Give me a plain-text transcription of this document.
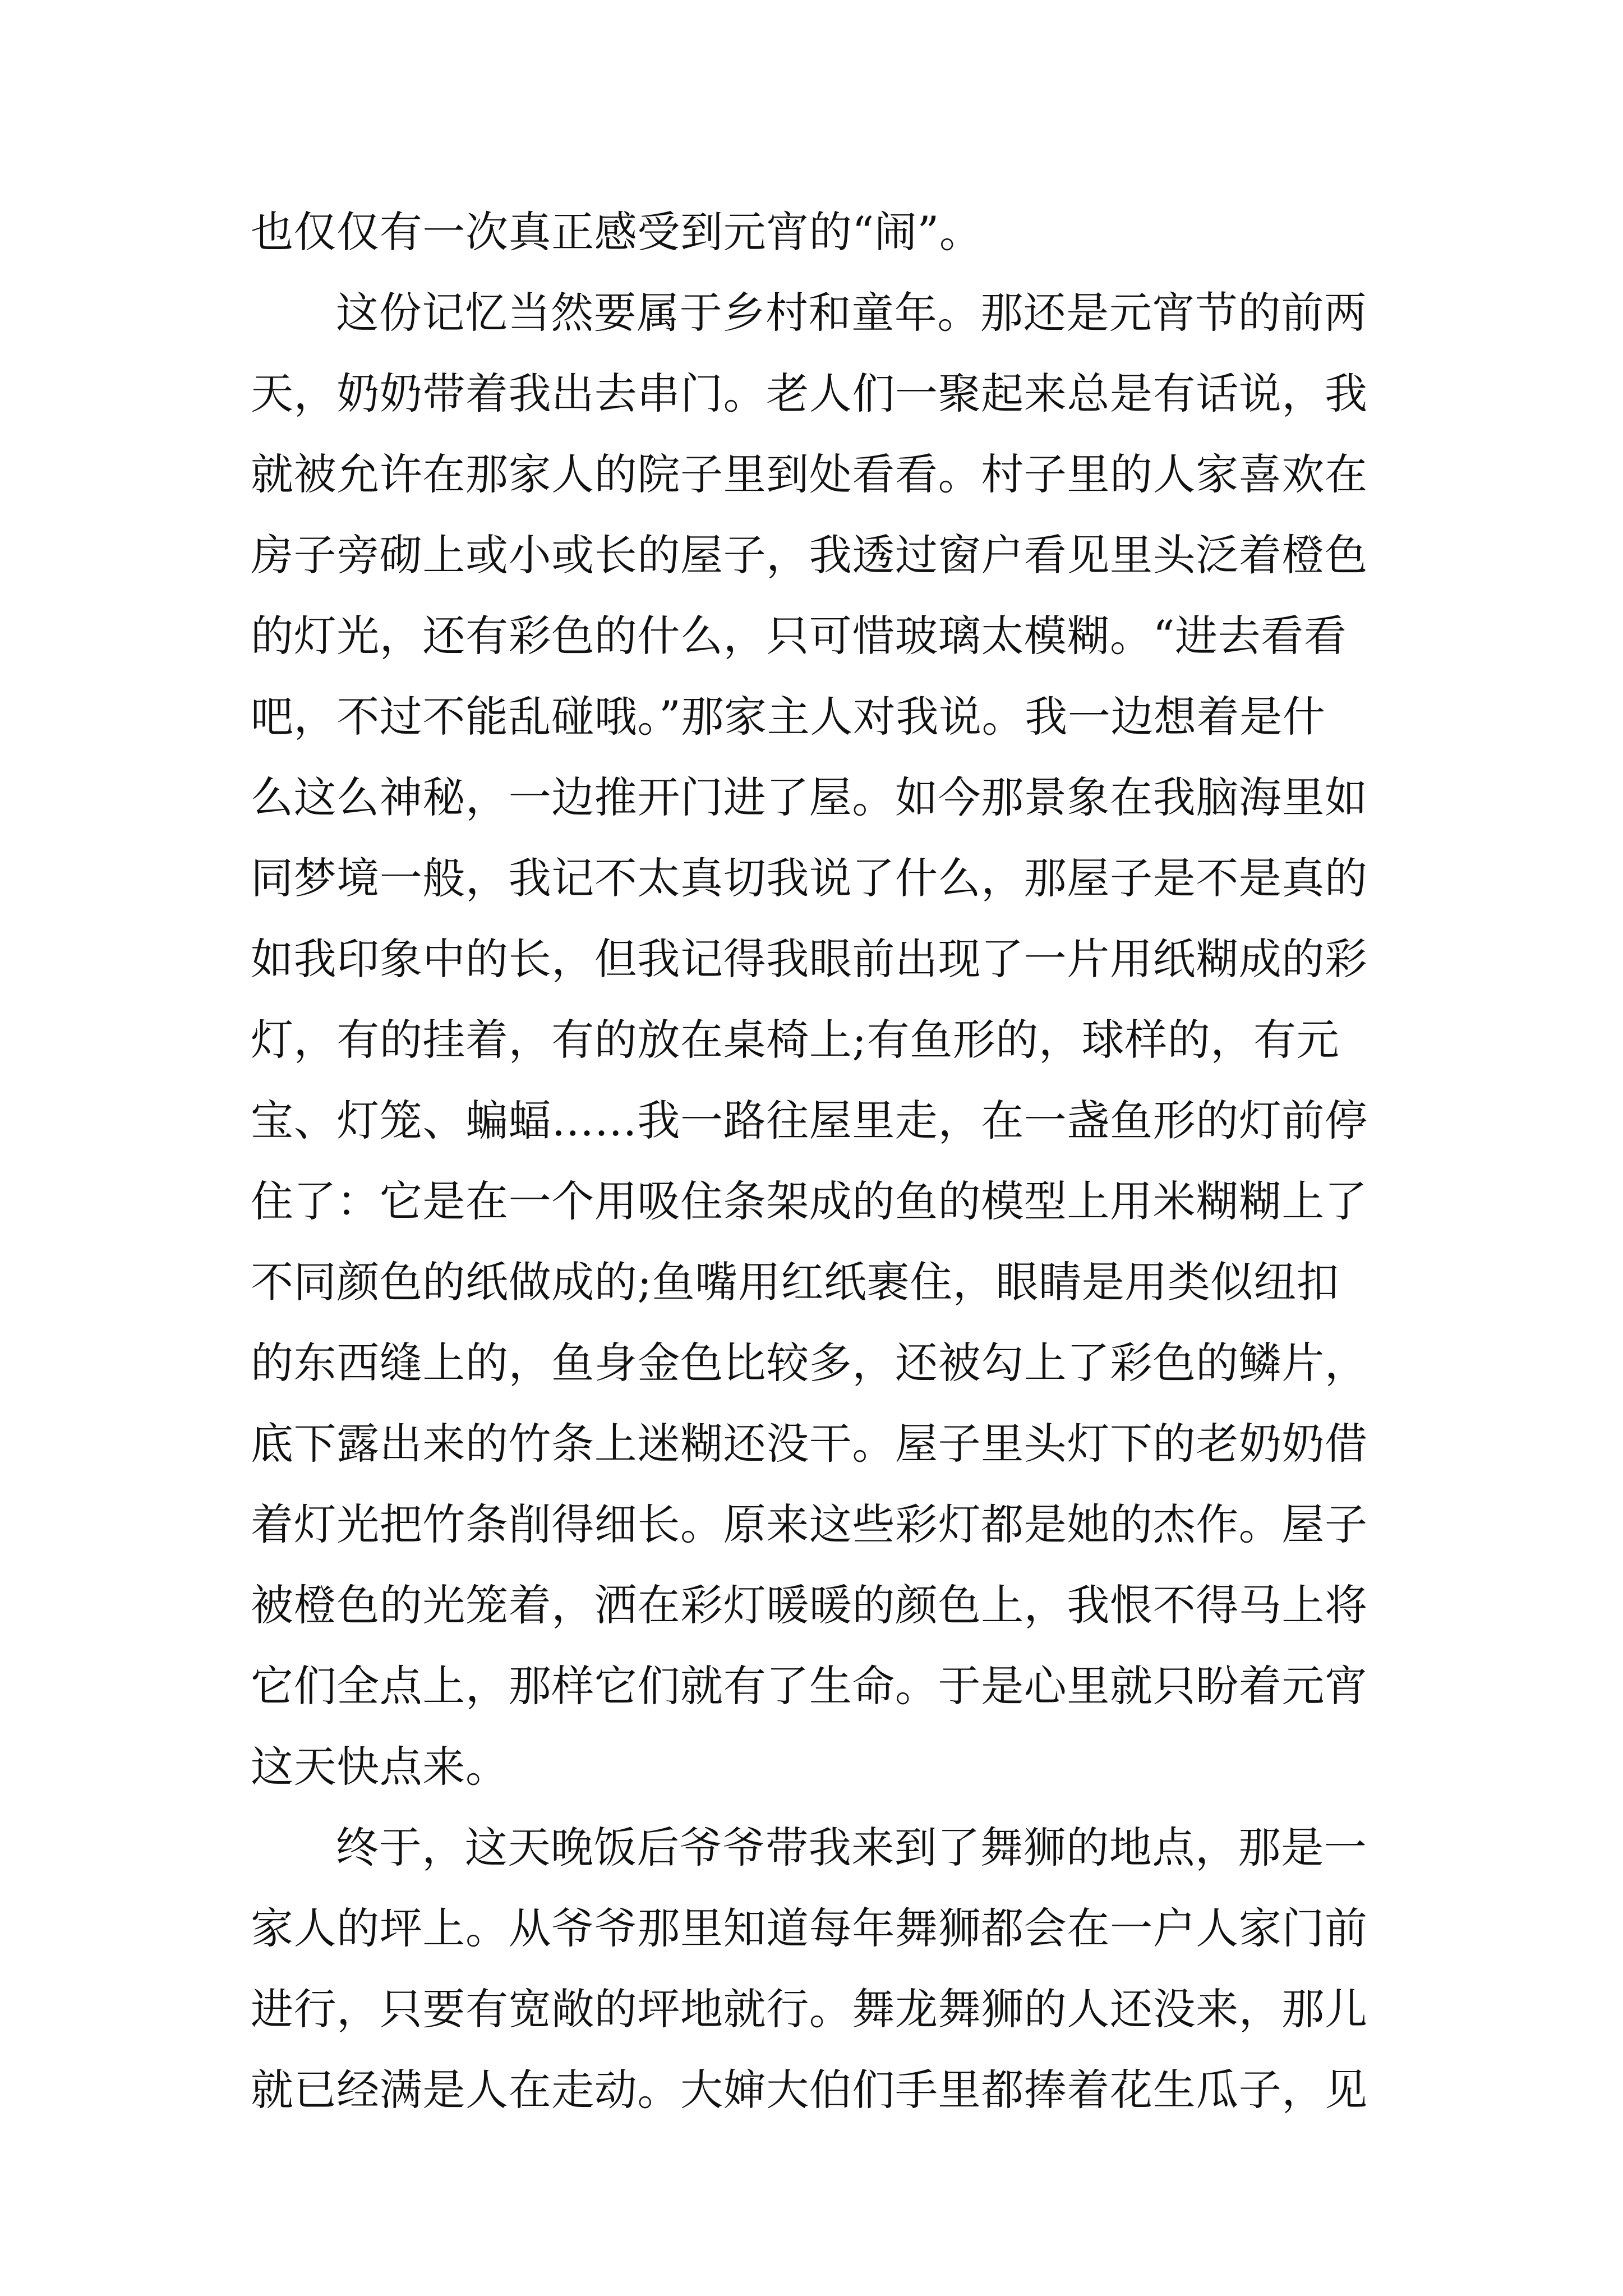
也仅仅有一次真正感受到元宵的“闹”。
这份记忆当然要属于乡村和童年。那还是元宵节的前两
天，奶奶带着我出去串门。老人们一聚起来总是有话说，我
就被允许在那家人的院子里到处看看。村子里的人家喜欢在
房子旁砌上或小或长的屋子，我透过窗户看见里头泛着橙色
的灯光，还有彩色的什么，只可惜玻璃太模糊。“进去看看
吧，不过不能乱碰哦。”那家主人对我说。我一边想着是什
么这么神秘，一边推开门进了屋。如今那景象在我脑海里如
同梦境一般，我记不太真切我说了什么，那屋子是不是真的
如我印象中的长，但我记得我眼前出现了一片用纸糊成的彩
灯，有的挂着，有的放在桌椅上;有鱼形的，球样的，有元
宝、灯笼、蝙蝠……我一路往屋里走，在一盏鱼形的灯前停
住了：它是在一个用吸住条架成的鱼的模型上用米糊糊上了
不同颜色的纸做成的;鱼嘴用红纸裹住，眼睛是用类似纽扣
的东西缝上的，鱼身金色比较多，还被勾上了彩色的鳞片，
底下露出来的竹条上迷糊还没干。屋子里头灯下的老奶奶借
着灯光把竹条削得细长。原来这些彩灯都是她的杰作。屋子
被橙色的光笼着，洒在彩灯暖暖的颜色上，我恨不得马上将
它们全点上，那样它们就有了生命。于是心里就只盼着元宵
这天快点来。
终于，这天晚饭后爷爷带我来到了舞狮的地点，那是一
家人的坪上。从爷爷那里知道每年舞狮都会在一户人家门前
进行，只要有宽敞的坪地就行。舞龙舞狮的人还没来，那儿
就已经满是人在走动。大婶大伯们手里都捧着花生瓜子，见
